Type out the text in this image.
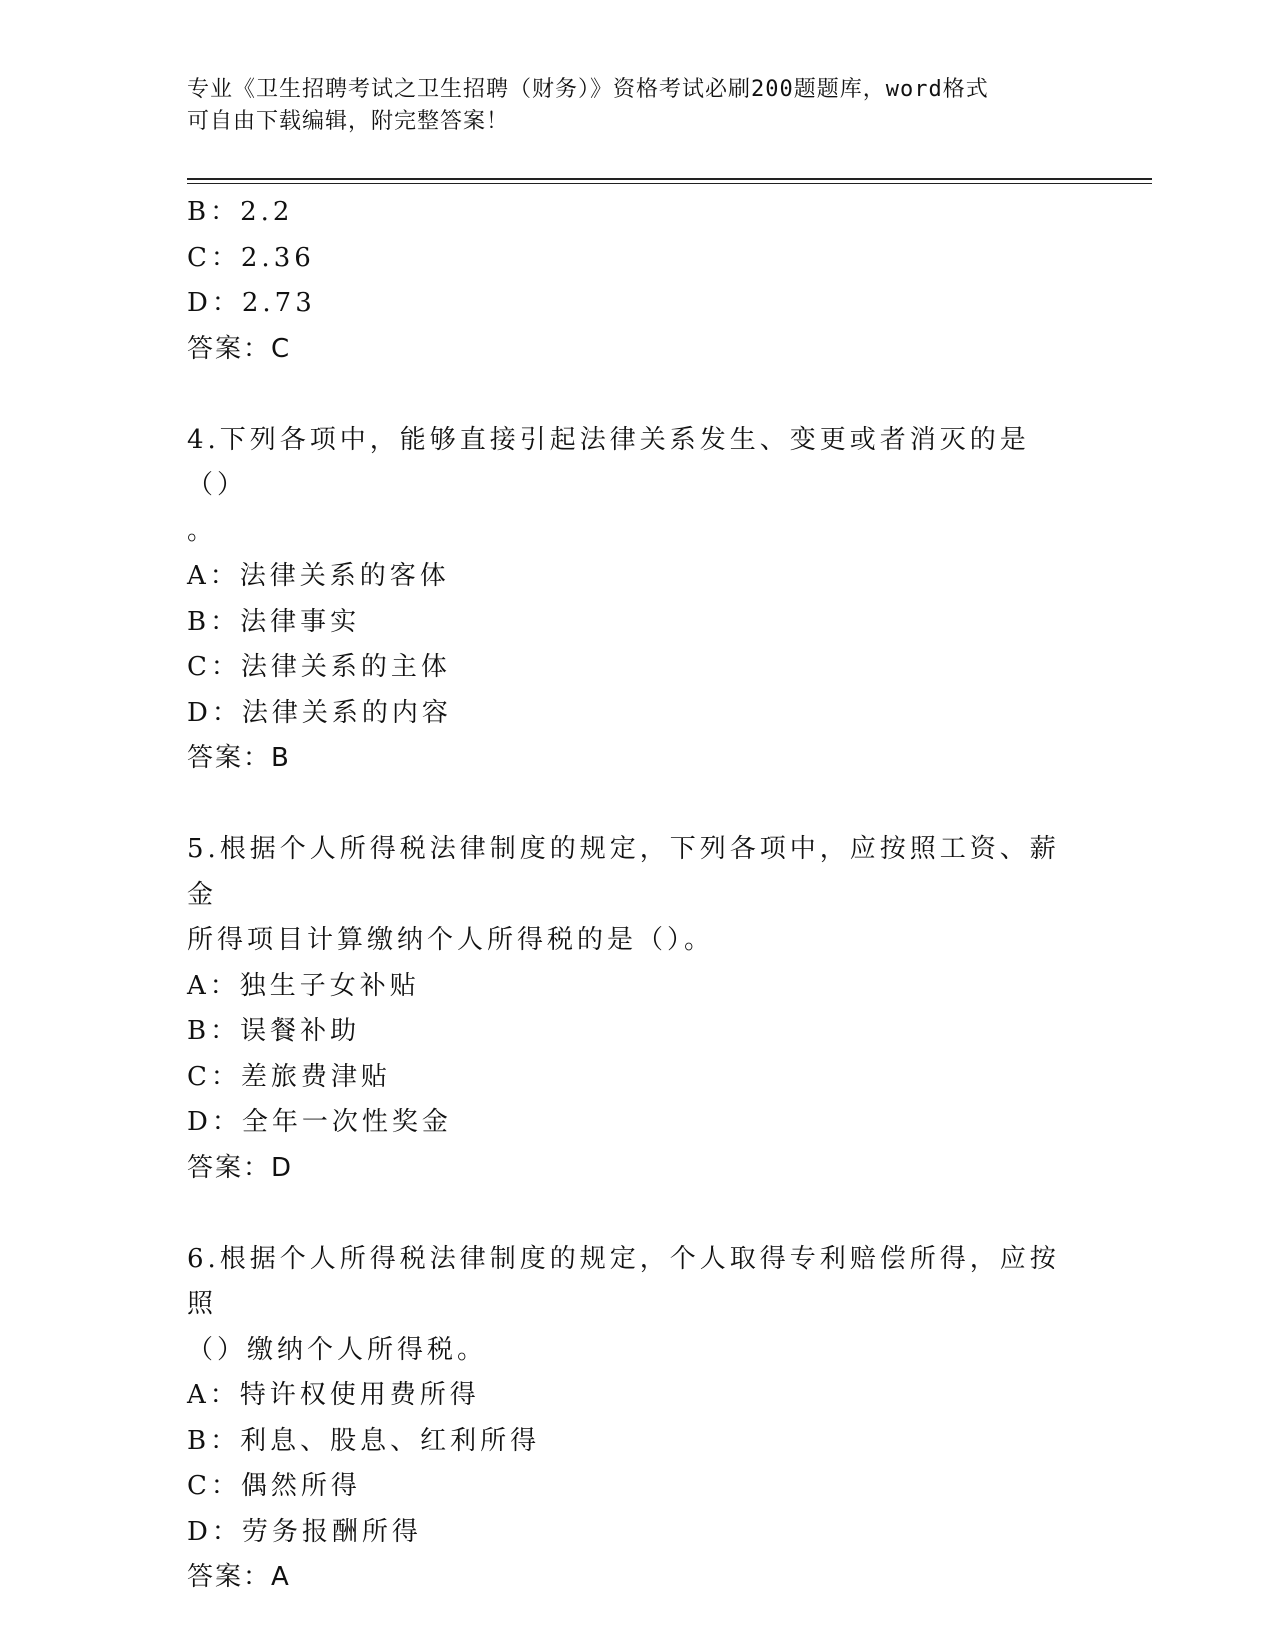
专业《卫生招聘考试之卫生招聘（财务）》资格考试必刷200题题库，word格式
可自由下载编辑，附完整答案！
B：2.2
C：2.36
D：2.73
答案：C
4.下列各项中，能够直接引起法律关系发生、变更或者消灭的是（）
。
A：法律关系的客体
B：法律事实
C：法律关系的主体
D：法律关系的内容
答案：B
5.根据个人所得税法律制度的规定，下列各项中，应按照工资、薪金
所得项目计算缴纳个人所得税的是（）。
A：独生子女补贴
B：误餐补助
C：差旅费津贴
D：全年一次性奖金
答案：D
6.根据个人所得税法律制度的规定，个人取得专利赔偿所得，应按照
（）缴纳个人所得税。
A：特许权使用费所得
B：利息、股息、红利所得
C：偶然所得
D：劳务报酬所得
答案：A
